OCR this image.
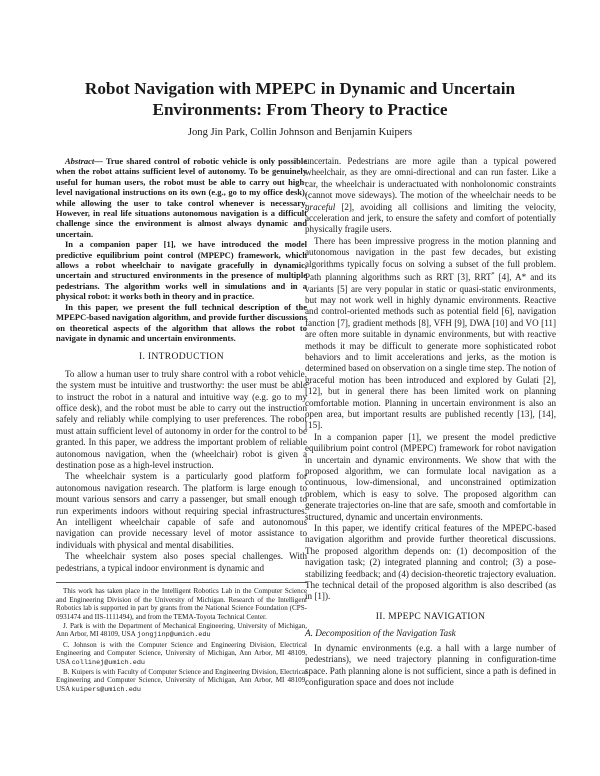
Robot Navigation with MPEPC in Dynamic and Uncertain Environments: From Theory to Practice
Jong Jin Park, Collin Johnson and Benjamin Kuipers

Abstract— True shared control of robotic vehicle is only possible when the robot attains sufficient level of autonomy. To be genuinely useful for human users, the robot must be able to carry out high-level navigational instructions on its own (e.g., go to my office desk), while allowing the user to take control whenever is necessary. However, in real life situations autonomous navigation is a difficult challenge since the environment is almost always dynamic and uncertain.

In a companion paper [1], we have introduced the model predictive equilibrium point control (MPEPC) framework, which allows a robot wheelchair to navigate gracefully in dynamic, uncertain and structured environments in the presence of multiple pedestrians. The algorithm works well in simulations and in a physical robot: it works both in theory and in practice.

In this paper, we present the full technical description of the MPEPC-based navigation algorithm, and provide further discussions on theoretical aspects of the algorithm that allows the robot to navigate in dynamic and uncertain environments.

I. INTRODUCTION

To allow a human user to truly share control with a robot vehicle, the system must be intuitive and trustworthy: the user must be able to instruct the robot in a natural and intuitive way (e.g. go to my office desk), and the robot must be able to carry out the instruction safely and reliably while complying to user preferences. The robot must attain sufficient level of autonomy in order for the control to be granted. In this paper, we address the important problem of reliable autonomous navigation, when the (wheelchair) robot is given a destination pose as a high-level instruction.

The wheelchair system is a particularly good platform for autonomous navigation research. The platform is large enough to mount various sensors and carry a passenger, but small enough to run experiments indoors without requiring special infrastructures. An intelligent wheelchair capable of safe and autonomous navigation can provide necessary level of motor assistance to individuals with physical and mental disabilities.

The wheelchair system also poses special challenges. With pedestrians, a typical indoor environment is dynamic and

This work has taken place in the Intelligent Robotics Lab in the Computer Science and Engineering Division of the University of Michigan. Research of the Intelligent Robotics lab is supported in part by grants from the National Science Foundation (CPS-0931474 and IIS-1111494), and from the TEMA-Toyota Technical Center.

J. Park is with the Department of Mechanical Engineering, University of Michigan, Ann Arbor, MI 48109, USA jongjinp@umich.edu

C. Johnson is with the Computer Science and Engineering Division, Electrical Engineering and Computer Science, University of Michigan, Ann Arbor, MI 48109, USA collinej@umich.edu

B. Kuipers is with Faculty of Computer Science and Engineering Division, Electrical Engineering and Computer Science, University of Michigan, Ann Arbor, MI 48109, USA kuipers@umich.edu

uncertain. Pedestrians are more agile than a typical powered wheelchair, as they are omni-directional and can run faster. Like a car, the wheelchair is underactuated with nonholonomic constraints (cannot move sideways). The motion of the wheelchair needs to be graceful [2], avoiding all collisions and limiting the velocity, acceleration and jerk, to ensure the safety and comfort of potentially physically fragile users.

There has been impressive progress in the motion planning and autonomous navigation in the past few decades, but existing algorithms typically focus on solving a subset of the full problem. Path planning algorithms such as RRT [3], RRT* [4], A* and its variants [5] are very popular in static or quasi-static environments, but may not work well in highly dynamic environments. Reactive and control-oriented methods such as potential field [6], navigation fanction [7], gradient methods [8], VFH [9], DWA [10] and VO [11] are often more suitable in dynamic environments, but with reactive methods it may be difficult to generate more sophisticated robot behaviors and to limit accelerations and jerks, as the motion is determined based on observation on a single time step. The notion of graceful motion has been introduced and explored by Gulati [2], [12], but in general there has been limited work on planning comfortable motion. Planning in uncertain environment is also an open area, but important results are published recently [13], [14], [15].

In a companion paper [1], we present the model predictive equilibrium point control (MPEPC) framework for robot navigation in uncertain and dynamic environments. We show that with the proposed algorithm, we can formulate local navigation as a continuous, low-dimensional, and unconstrained optimization problem, which is easy to solve. The proposed algorithm can generate trajectories on-line that are safe, smooth and comfortable in structured, dynamic and uncertain environments.

In this paper, we identify critical features of the MPEPC-based navigation algorithm and provide further theoretical discussions. The proposed algorithm depends on: (1) decomposition of the navigation task; (2) integrated planning and control; (3) a pose-stabilizing feedback; and (4) decision-theoretic trajectory evaluation. The technical detail of the proposed algorithm is also described (as in [1]).

II. MPEPC NAVIGATION
A. Decomposition of the Navigation Task

In dynamic environments (e.g. a hall with a large number of pedestrians), we need trajectory planning in configuration-time space. Path planning alone is not sufficient, since a path is defined in configuration space and does not include
